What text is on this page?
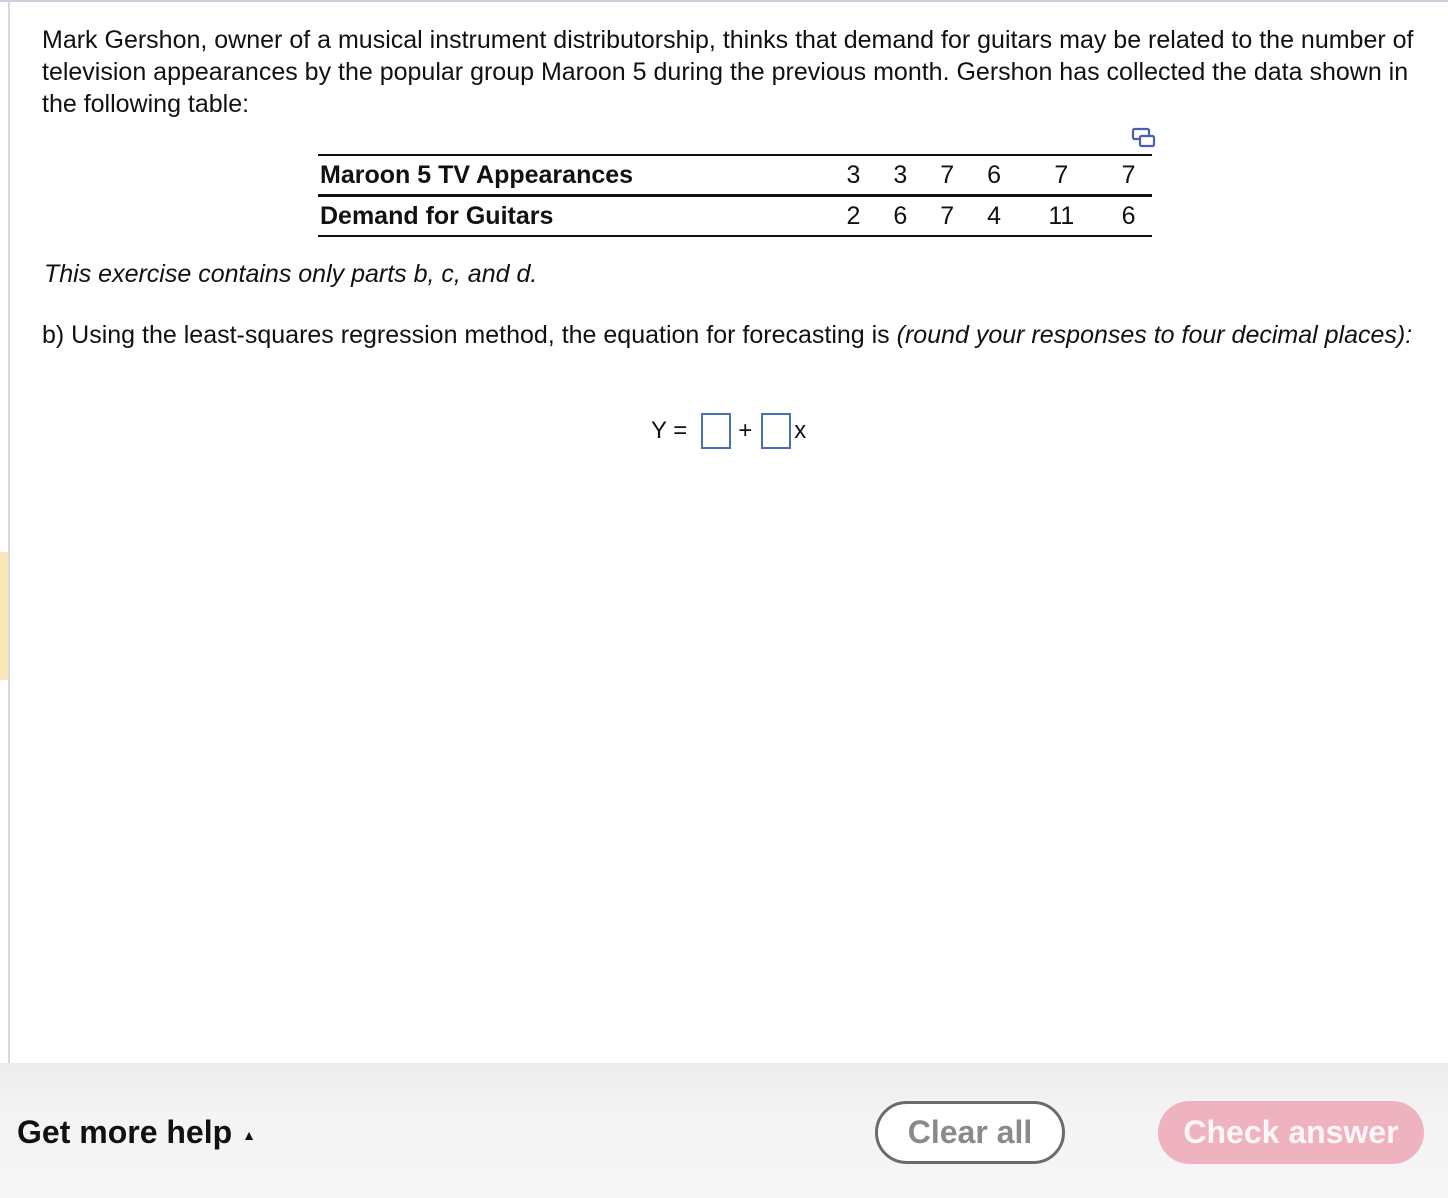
Mark Gershon, owner of a musical instrument distributorship, thinks that demand for guitars may be related to the number of television appearances by the popular group Maroon 5 during the previous month. Gershon has collected the data shown in the following table:

Maroon 5 TV Appearances	3	3	7	6	7	7
Demand for Guitars	2	6	7	4	11	6

This exercise contains only parts b, c, and d.

b) Using the least-squares regression method, the equation for forecasting is (round your responses to four decimal places):

Y = + x
Get more help ▲	Clear all	Check answer
